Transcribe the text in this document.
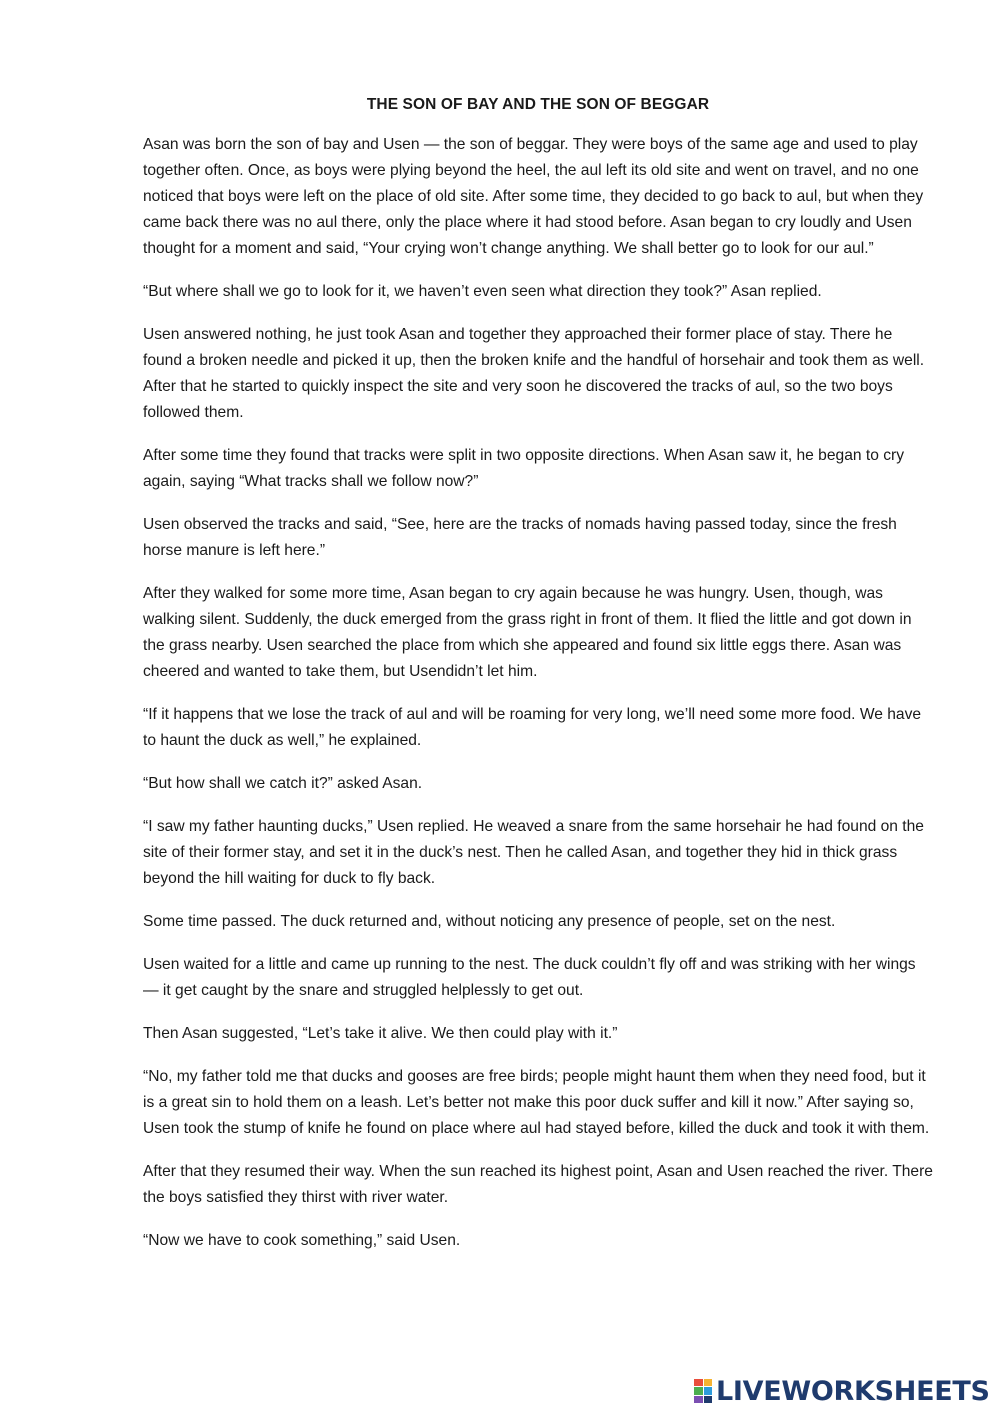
THE SON OF BAY AND THE SON OF BEGGAR

Asan was born the son of bay and Usen — the son of beggar. They were boys of the same age and used to play together often. Once, as boys were plying beyond the heel, the aul left its old site and went on travel, and no one noticed that boys were left on the place of old site. After some time, they decided to go back to aul, but when they came back there was no aul there, only the place where it had stood before. Asan began to cry loudly and Usen thought for a moment and said, “Your crying won’t change anything. We shall better go to look for our aul.”

“But where shall we go to look for it, we haven’t even seen what direction they took?” Asan replied.

Usen answered nothing, he just took Asan and together they approached their former place of stay. There he found a broken needle and picked it up, then the broken knife and the handful of horsehair and took them as well. After that he started to quickly inspect the site and very soon he discovered the tracks of aul, so the two boys followed them.

After some time they found that tracks were split in two opposite directions. When Asan saw it, he began to cry again, saying “What tracks shall we follow now?”

Usen observed the tracks and said, “See, here are the tracks of nomads having passed today, since the fresh horse manure is left here.”

After they walked for some more time, Asan began to cry again because he was hungry. Usen, though, was walking silent. Suddenly, the duck emerged from the grass right in front of them. It flied the little and got down in the grass nearby. Usen searched the place from which she appeared and found six little eggs there. Asan was cheered and wanted to take them, but Usendidn’t let him.

“If it happens that we lose the track of aul and will be roaming for very long, we’ll need some more food. We have to haunt the duck as well,” he explained.

“But how shall we catch it?” asked Asan.

“I saw my father haunting ducks,” Usen replied. He weaved a snare from the same horsehair he had found on the site of their former stay, and set it in the duck’s nest. Then he called Asan, and together they hid in thick grass beyond the hill waiting for duck to fly back.

Some time passed. The duck returned and, without noticing any presence of people, set on the nest.

Usen waited for a little and came up running to the nest. The duck couldn’t fly off and was striking with her wings — it get caught by the snare and struggled helplessly to get out.

Then Asan suggested, “Let’s take it alive. We then could play with it.”

“No, my father told me that ducks and gooses are free birds; people might haunt them when they need food, but it is a great sin to hold them on a leash. Let’s better not make this poor duck suffer and kill it now.” After saying so, Usen took the stump of knife he found on place where aul had stayed before, killed the duck and took it with them.

After that they resumed their way. When the sun reached its highest point, Asan and Usen reached the river. There the boys satisfied they thirst with river water.

“Now we have to cook something,” said Usen.

LIVEWORKSHEETS
